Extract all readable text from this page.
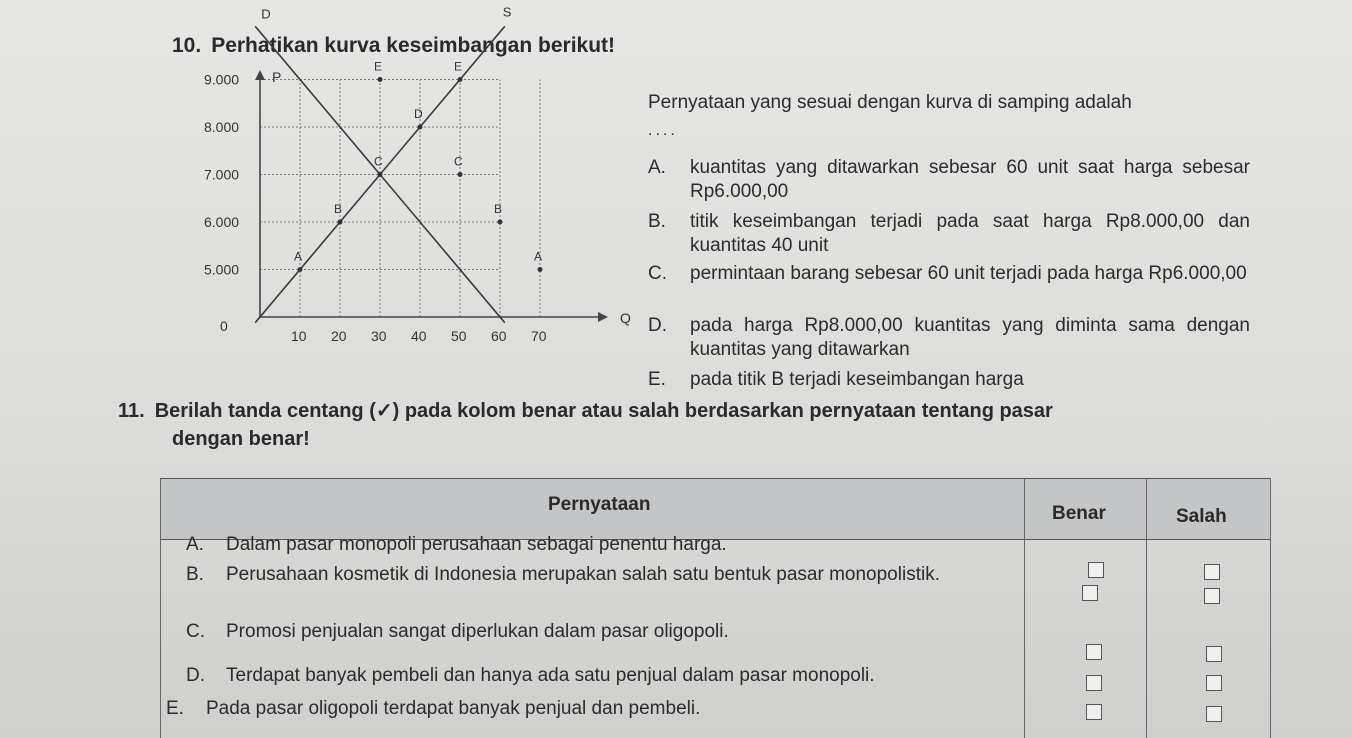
10. Perhatikan kurva keseimbangan berikut!
5.000
6.000
7.000
8.000
9.000
10 20 30 40 50 60 70
0
P
Q
D	S
A
B
C
D
E	E
C
B
A
Pernyataan yang sesuai dengan kurva di samping adalah
....
A. kuantitas yang ditawarkan sebesar 60 unit saat harga sebesar Rp6.000,00
B. titik keseimbangan terjadi pada saat harga Rp8.000,00 dan kuantitas 40 unit
C. permintaan barang sebesar 60 unit terjadi pada harga Rp6.000,00
D. pada harga Rp8.000,00 kuantitas yang diminta sama dengan kuantitas yang ditawarkan
E. pada titik B terjadi keseimbangan harga
11. Berilah tanda centang (✓) pada kolom benar atau salah berdasarkan pernyataan tentang pasar
dengan benar!
Pernyataan	Benar	Salah
A. Dalam pasar monopoli perusahaan sebagai penentu harga.
B. Perusahaan kosmetik di Indonesia merupakan salah satu bentuk pasar monopolistik.
C. Promosi penjualan sangat diperlukan dalam pasar oligopoli.
D. Terdapat banyak pembeli dan hanya ada satu penjual dalam pasar monopoli.
E. Pada pasar oligopoli terdapat banyak penjual dan pembeli.
